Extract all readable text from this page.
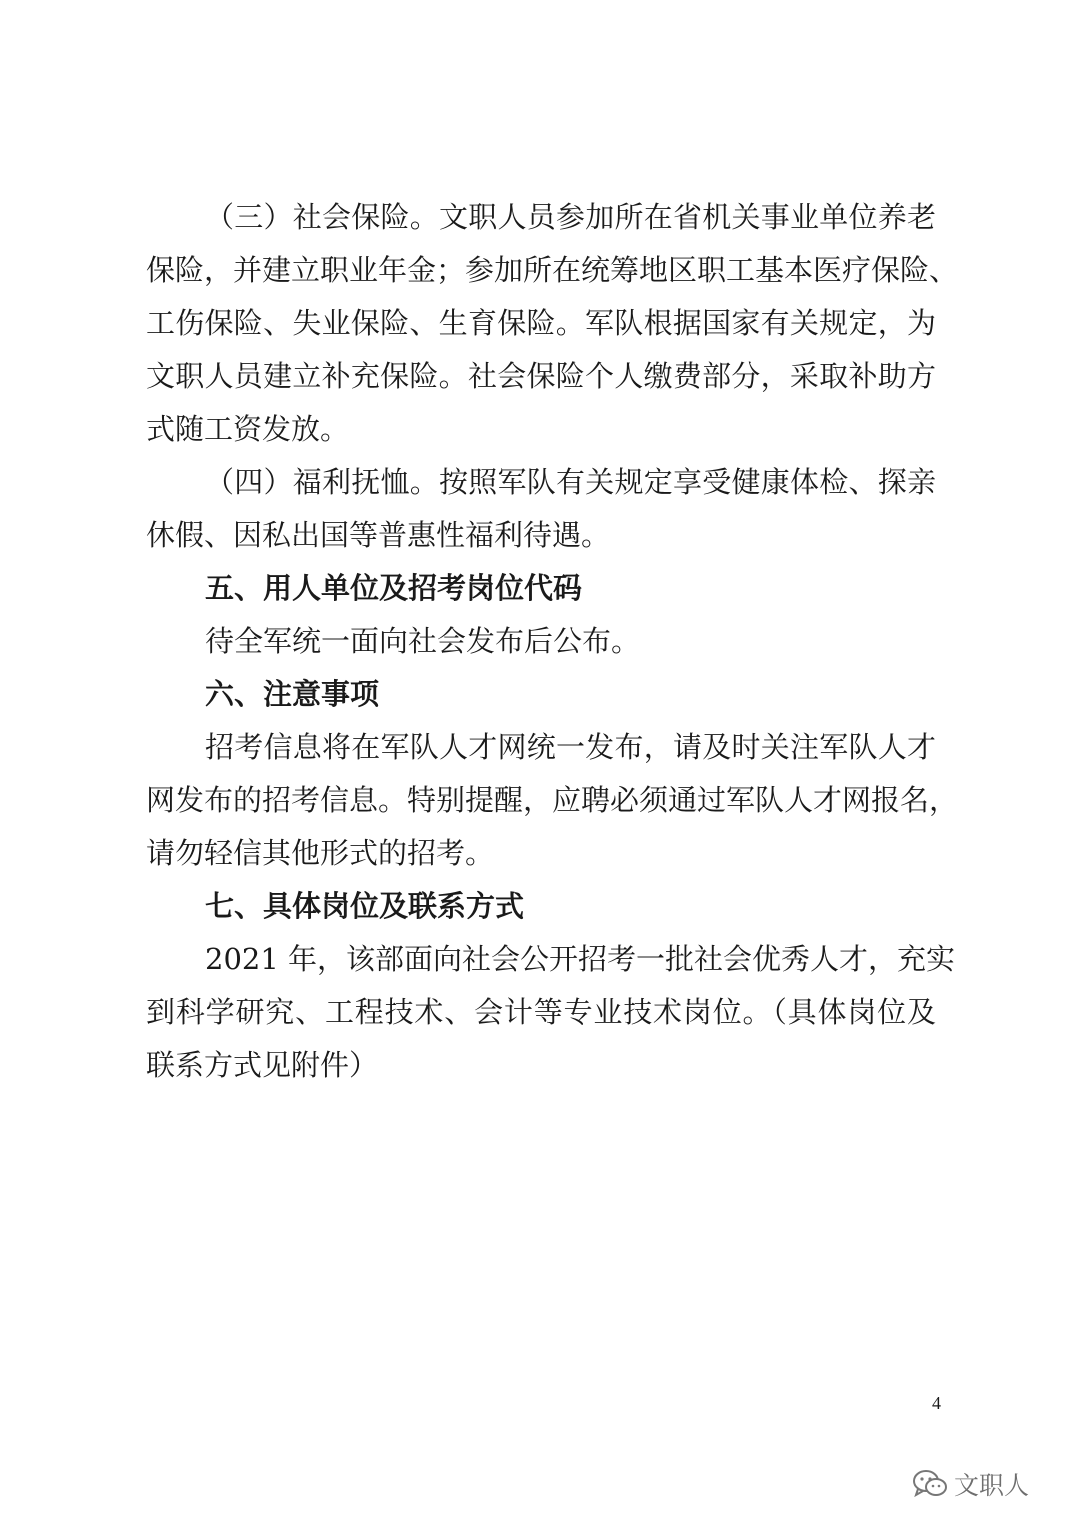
（三）社会保险。文职人员参加所在省机关事业单位养老
保险，并建立职业年金；参加所在统筹地区职工基本医疗保险、
工伤保险、失业保险、生育保险。军队根据国家有关规定，为
文职人员建立补充保险。社会保险个人缴费部分，采取补助方
式随工资发放。
（四）福利抚恤。按照军队有关规定享受健康体检、探亲
休假、因私出国等普惠性福利待遇。
五、用人单位及招考岗位代码
待全军统一面向社会发布后公布。
六、注意事项
招考信息将在军队人才网统一发布，请及时关注军队人才
网发布的招考信息。特别提醒，应聘必须通过军队人才网报名，
请勿轻信其他形式的招考。
七、具体岗位及联系方式
2021 年，该部面向社会公开招考一批社会优秀人才，充实
到科学研究、工程技术、会计等专业技术岗位。（具体岗位及
联系方式见附件）
4
文职人
